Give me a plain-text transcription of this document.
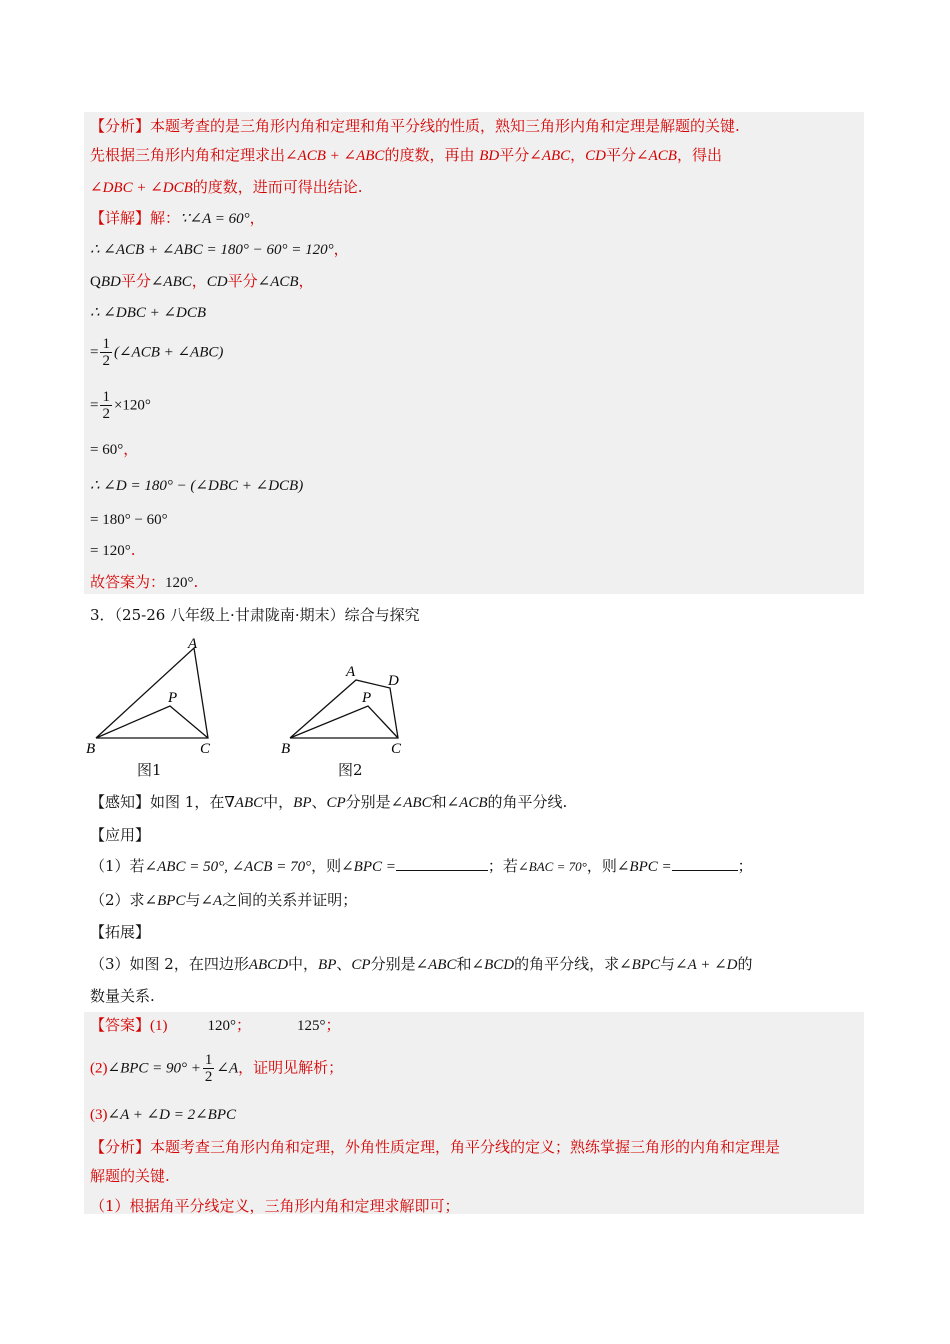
【分析】本题考查的是三角形内角和定理和角平分线的性质，熟知三角形内角和定理是解题的关键.
先根据三角形内角和定理求出∠ACB + ∠ABC的度数，再由 BD平分∠ABC，CD平分∠ACB，得出
∠DBC + ∠DCB的度数，进而可得出结论.
【详解】解：∵∠A = 60°，
∴ ∠ACB + ∠ABC = 180° − 60° = 120°，
QBD平分∠ABC，CD平分∠ACB，
∴ ∠DBC + ∠DCB
= $\frac{1}{2}$ (∠ACB + ∠ABC)
= $\frac{1}{2} \times 120^\circ$
= 60°，
∴ ∠D = 180° − (∠DBC + ∠DCB)
= 180° − 60°
= 120°.
故答案为：120°.
3．（25-26 八年级上·甘肃陇南·期末）综合与探究
A
P
B	C
图1
A
D
P
B	C
图2
【感知】如图 1，在∇ABC中，BP、CP分别是∠ABC和∠ACB的角平分线.
【应用】
（1）若∠ABC = 50°, ∠ACB = 70°，则∠BPC =	；若∠BAC = 70°，则∠BPC =	；
（2）求∠BPC与∠A之间的关系并证明；
【拓展】
（3）如图 2，在四边形ABCD中，BP、CP分别是∠ABC和∠BCD的角平分线，求∠BPC与∠A + ∠D的
数量关系.
【答案】(1)	120°；	125°；
(2)∠BPC = $90^\circ + \frac{1}{2}$ ∠A，证明见解析；
(3)∠A + ∠D = 2∠BPC
【分析】本题考查三角形内角和定理，外角性质定理，角平分线的定义；熟练掌握三角形的内角和定理是
解题的关键.
（1）根据角平分线定义，三角形内角和定理求解即可；
